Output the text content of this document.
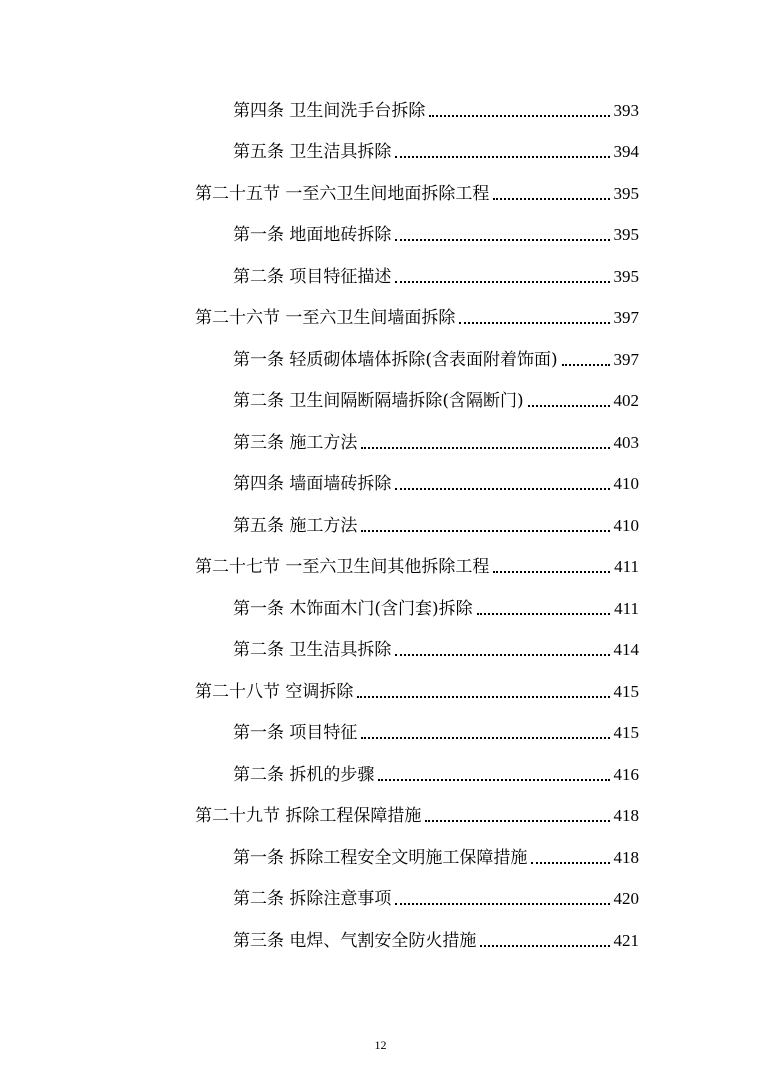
第四条 卫生间洗手台拆除	393
第五条 卫生洁具拆除	394
第二十五节 一至六卫生间地面拆除工程	395
第一条 地面地砖拆除	395
第二条 项目特征描述	395
第二十六节 一至六卫生间墙面拆除	397
第一条 轻质砌体墙体拆除(含表面附着饰面)	397
第二条 卫生间隔断隔墙拆除(含隔断门)	402
第三条 施工方法	403
第四条 墙面墙砖拆除	410
第五条 施工方法	410
第二十七节 一至六卫生间其他拆除工程	411
第一条 木饰面木门(含门套)拆除	411
第二条 卫生洁具拆除	414
第二十八节 空调拆除	415
第一条 项目特征	415
第二条 拆机的步骤	416
第二十九节 拆除工程保障措施	418
第一条 拆除工程安全文明施工保障措施	418
第二条 拆除注意事项	420
第三条 电焊、气割安全防火措施	421
12
